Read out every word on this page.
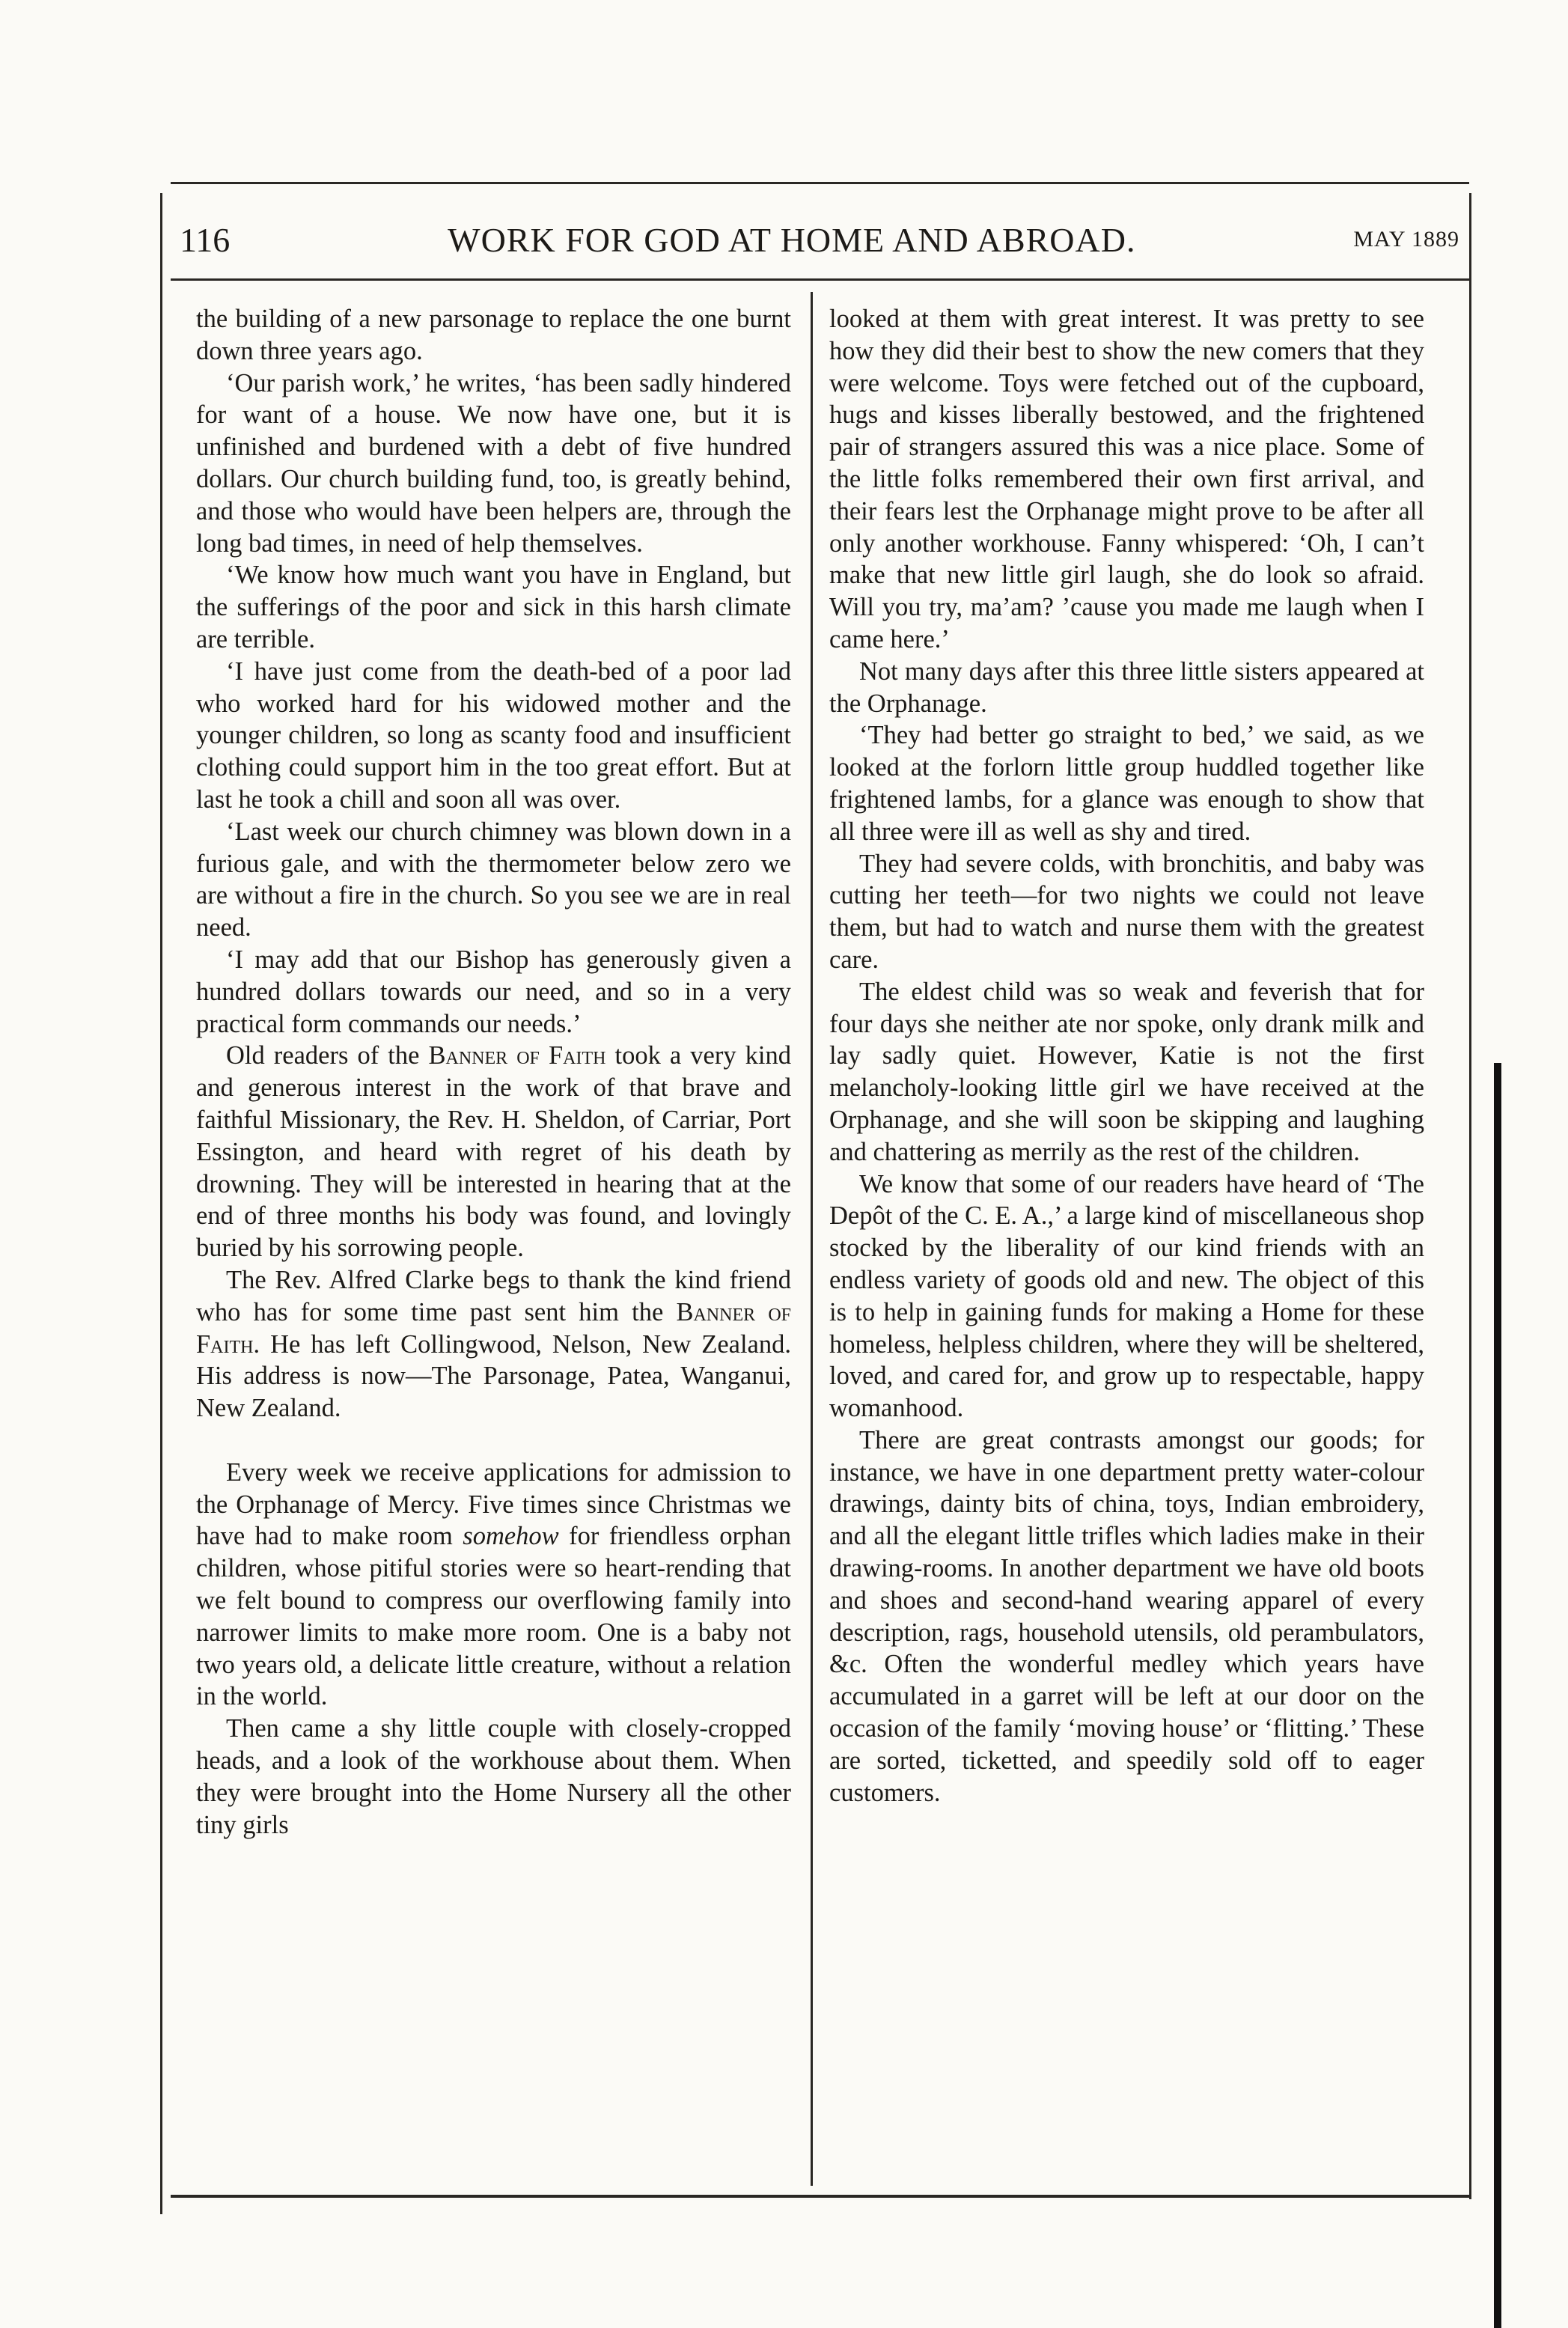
116	WORK FOR GOD AT HOME AND ABROAD.	MAY 1889

the building of a new parsonage to replace the one burnt down three years ago.

‘Our parish work,’ he writes, ‘has been sadly hindered for want of a house. We now have one, but it is unfinished and burdened with a debt of five hundred dollars. Our church building fund, too, is greatly behind, and those who would have been helpers are, through the long bad times, in need of help themselves.

‘We know how much want you have in England, but the sufferings of the poor and sick in this harsh climate are terrible.

‘I have just come from the death-bed of a poor lad who worked hard for his widowed mother and the younger children, so long as scanty food and insufficient clothing could support him in the too great effort. But at last he took a chill and soon all was over.

‘Last week our church chimney was blown down in a furious gale, and with the thermometer below zero we are without a fire in the church. So you see we are in real need.

‘I may add that our Bishop has generously given a hundred dollars towards our need, and so in a very practical form commands our needs.’

Old readers of the Banner of Faith took a very kind and generous interest in the work of that brave and faithful Missionary, the Rev. H. Sheldon, of Carriar, Port Essington, and heard with regret of his death by drowning. They will be interested in hearing that at the end of three months his body was found, and lovingly buried by his sorrowing people.

The Rev. Alfred Clarke begs to thank the kind friend who has for some time past sent him the Banner of Faith. He has left Collingwood, Nelson, New Zealand. His address is now—The Parsonage, Patea, Wanganui, New Zealand.

Every week we receive applications for admission to the Orphanage of Mercy. Five times since Christmas we have had to make room somehow for friendless orphan children, whose pitiful stories were so heart-rending that we felt bound to compress our overflowing family into narrower limits to make more room. One is a baby not two years old, a delicate little creature, without a relation in the world.

Then came a shy little couple with closely-cropped heads, and a look of the workhouse about them. When they were brought into the Home Nursery all the other tiny girls

looked at them with great interest. It was pretty to see how they did their best to show the new comers that they were welcome. Toys were fetched out of the cupboard, hugs and kisses liberally bestowed, and the frightened pair of strangers assured this was a nice place. Some of the little folks remembered their own first arrival, and their fears lest the Orphanage might prove to be after all only another workhouse. Fanny whispered: ‘Oh, I can’t make that new little girl laugh, she do look so afraid. Will you try, ma’am? ’cause you made me laugh when I came here.’

Not many days after this three little sisters appeared at the Orphanage.

‘They had better go straight to bed,’ we said, as we looked at the forlorn little group huddled together like frightened lambs, for a glance was enough to show that all three were ill as well as shy and tired.

They had severe colds, with bronchitis, and baby was cutting her teeth—for two nights we could not leave them, but had to watch and nurse them with the greatest care.

The eldest child was so weak and feverish that for four days she neither ate nor spoke, only drank milk and lay sadly quiet. However, Katie is not the first melancholy-looking little girl we have received at the Orphanage, and she will soon be skipping and laughing and chattering as merrily as the rest of the children.

We know that some of our readers have heard of ‘The Depôt of the C. E. A.,’ a large kind of miscellaneous shop stocked by the liberality of our kind friends with an endless variety of goods old and new. The object of this is to help in gaining funds for making a Home for these homeless, helpless children, where they will be sheltered, loved, and cared for, and grow up to respectable, happy womanhood.

There are great contrasts amongst our goods; for instance, we have in one department pretty water-colour drawings, dainty bits of china, toys, Indian embroidery, and all the elegant little trifles which ladies make in their drawing-rooms. In another department we have old boots and shoes and second-hand wearing apparel of every description, rags, household utensils, old perambulators, &c. Often the wonderful medley which years have accumulated in a garret will be left at our door on the occasion of the family ‘moving house’ or ‘flitting.’ These are sorted, ticketted, and speedily sold off to eager customers.
